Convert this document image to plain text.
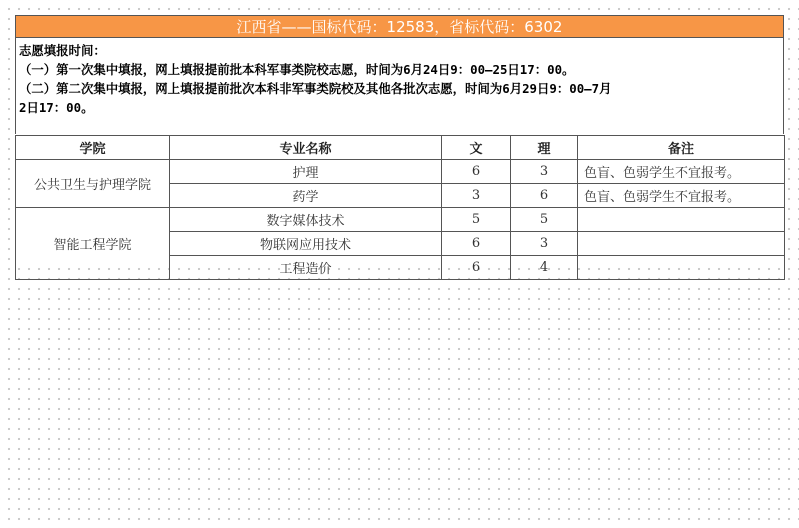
江西省——国标代码：12583，省标代码：6302
志愿填报时间：
（一）第一次集中填报，网上填报提前批本科军事类院校志愿，时间为6月24日9：00—25日17：00。
（二）第二次集中填报，网上填报提前批次本科非军事类院校及其他各批次志愿，时间为6月29日9：00—7月
2日17：00。
学院	专业名称	文	理	备注
公共卫生与护理学院	护理	6	3	色盲、色弱学生不宜报考。
	药学	3	6	色盲、色弱学生不宜报考。
智能工程学院	数字媒体技术	5	5	
	物联网应用技术	6	3	
	工程造价	6	4	
